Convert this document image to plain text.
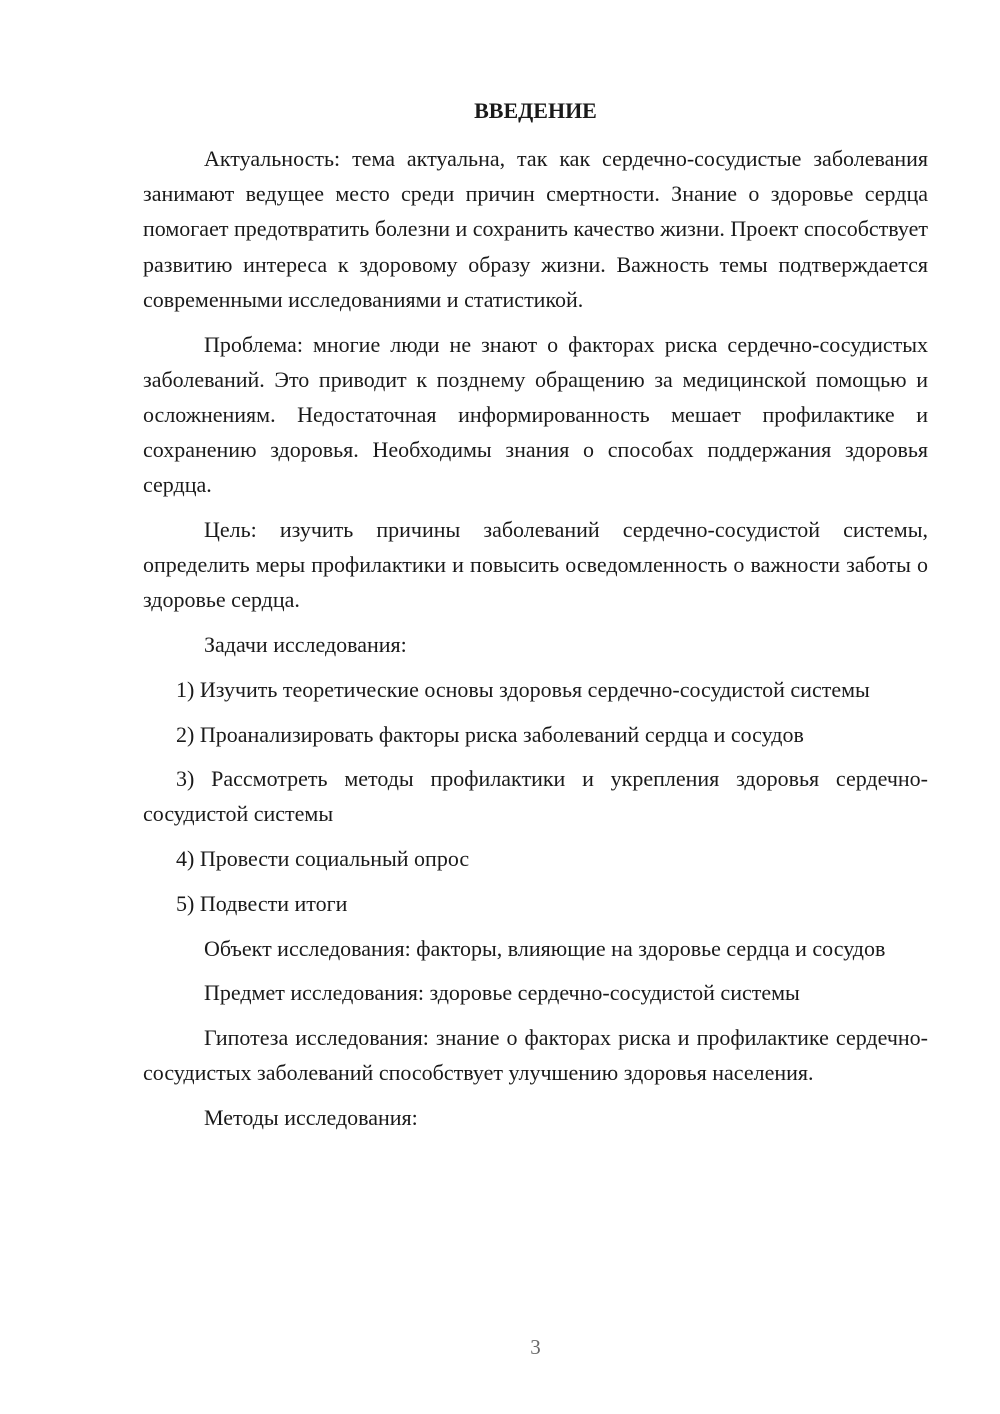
ВВЕДЕНИЕ

Актуальность: тема актуальна, так как сердечно-сосудистые заболевания занимают ведущее место среди причин смертности. Знание о здоровье сердца помогает предотвратить болезни и сохранить качество жизни. Проект способствует развитию интереса к здоровому образу жизни. Важность темы подтверждается современными исследованиями и статистикой.

Проблема: многие люди не знают о факторах риска сердечно-сосудистых заболеваний. Это приводит к позднему обращению за медицинской помощью и осложнениям. Недостаточная информированность мешает профилактике и сохранению здоровья. Необходимы знания о способах поддержания здоровья сердца.

Цель: изучить причины заболеваний сердечно-сосудистой системы, определить меры профилактики и повысить осведомленность о важности заботы о здоровье сердца.

Задачи исследования:

1) Изучить теоретические основы здоровья сердечно-сосудистой системы

2) Проанализировать факторы риска заболеваний сердца и сосудов

3) Рассмотреть методы профилактики и укрепления здоровья сердечно-сосудистой системы

4) Провести социальный опрос

5) Подвести итоги

Объект исследования: факторы, влияющие на здоровье сердца и сосудов

Предмет исследования: здоровье сердечно-сосудистой системы

Гипотеза исследования: знание о факторах риска и профилактике сердечно-сосудистых заболеваний способствует улучшению здоровья населения.

Методы исследования:

3
